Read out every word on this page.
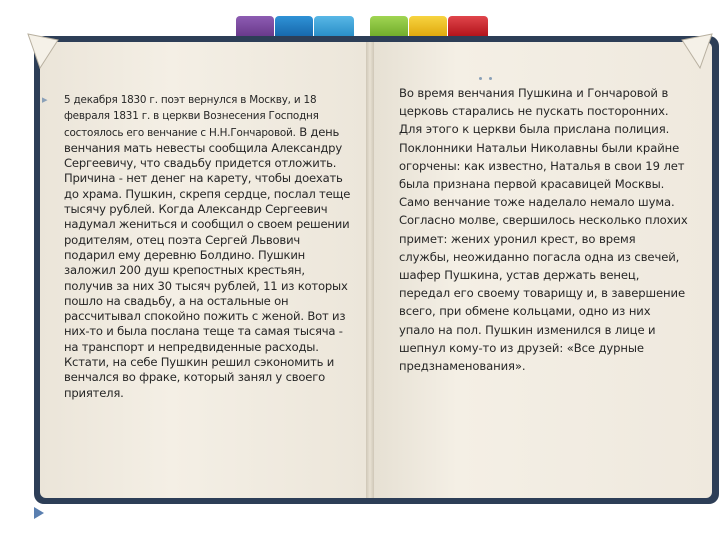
▸ 5 декабря 1830 г. поэт вернулся в Москву, и 18 февраля 1831 г. в церкви Вознесения Господня состоялось его венчание с Н.Н.Гончаровой. В день венчания мать невесты сообщила Александру Сергеевичу, что свадьбу придется отложить. Причина - нет денег на карету, чтобы доехать до храма. Пушкин, скрепя сердце, послал теще тысячу рублей. Когда Александр Сергеевич надумал жениться и сообщил о своем решении родителям, отец поэта Сергей Львович подарил ему деревню Болдино. Пушкин заложил 200 душ крепостных крестьян, получив за них 30 тысяч рублей, 11 из которых пошло на свадьбу, а на остальные он рассчитывал спокойно пожить с женой. Вот из них-то и была послана теще та самая тысяча - на транспорт и непредвиденные расходы. Кстати, на себе Пушкин решил сэкономить и венчался во фраке, который занял у своего приятеля.
Во время венчания Пушкина и Гончаровой в церковь старались не пускать посторонних. Для этого к церкви была прислана полиция. Поклонники Натальи Николавны были крайне огорчены: как известно, Наталья в свои 19 лет была признана первой красавицей Москвы. Само венчание тоже наделало немало шума. Согласно молве, свершилось несколько плохих примет: жених уронил крест, во время службы, неожиданно погасла одна из свечей, шафер Пушкина, устав держать венец, передал его своему товарищу и, в завершение всего, при обмене кольцами, одно из них упало на пол. Пушкин изменился в лице и шепнул кому-то из друзей: «Все дурные предзнаменования».
